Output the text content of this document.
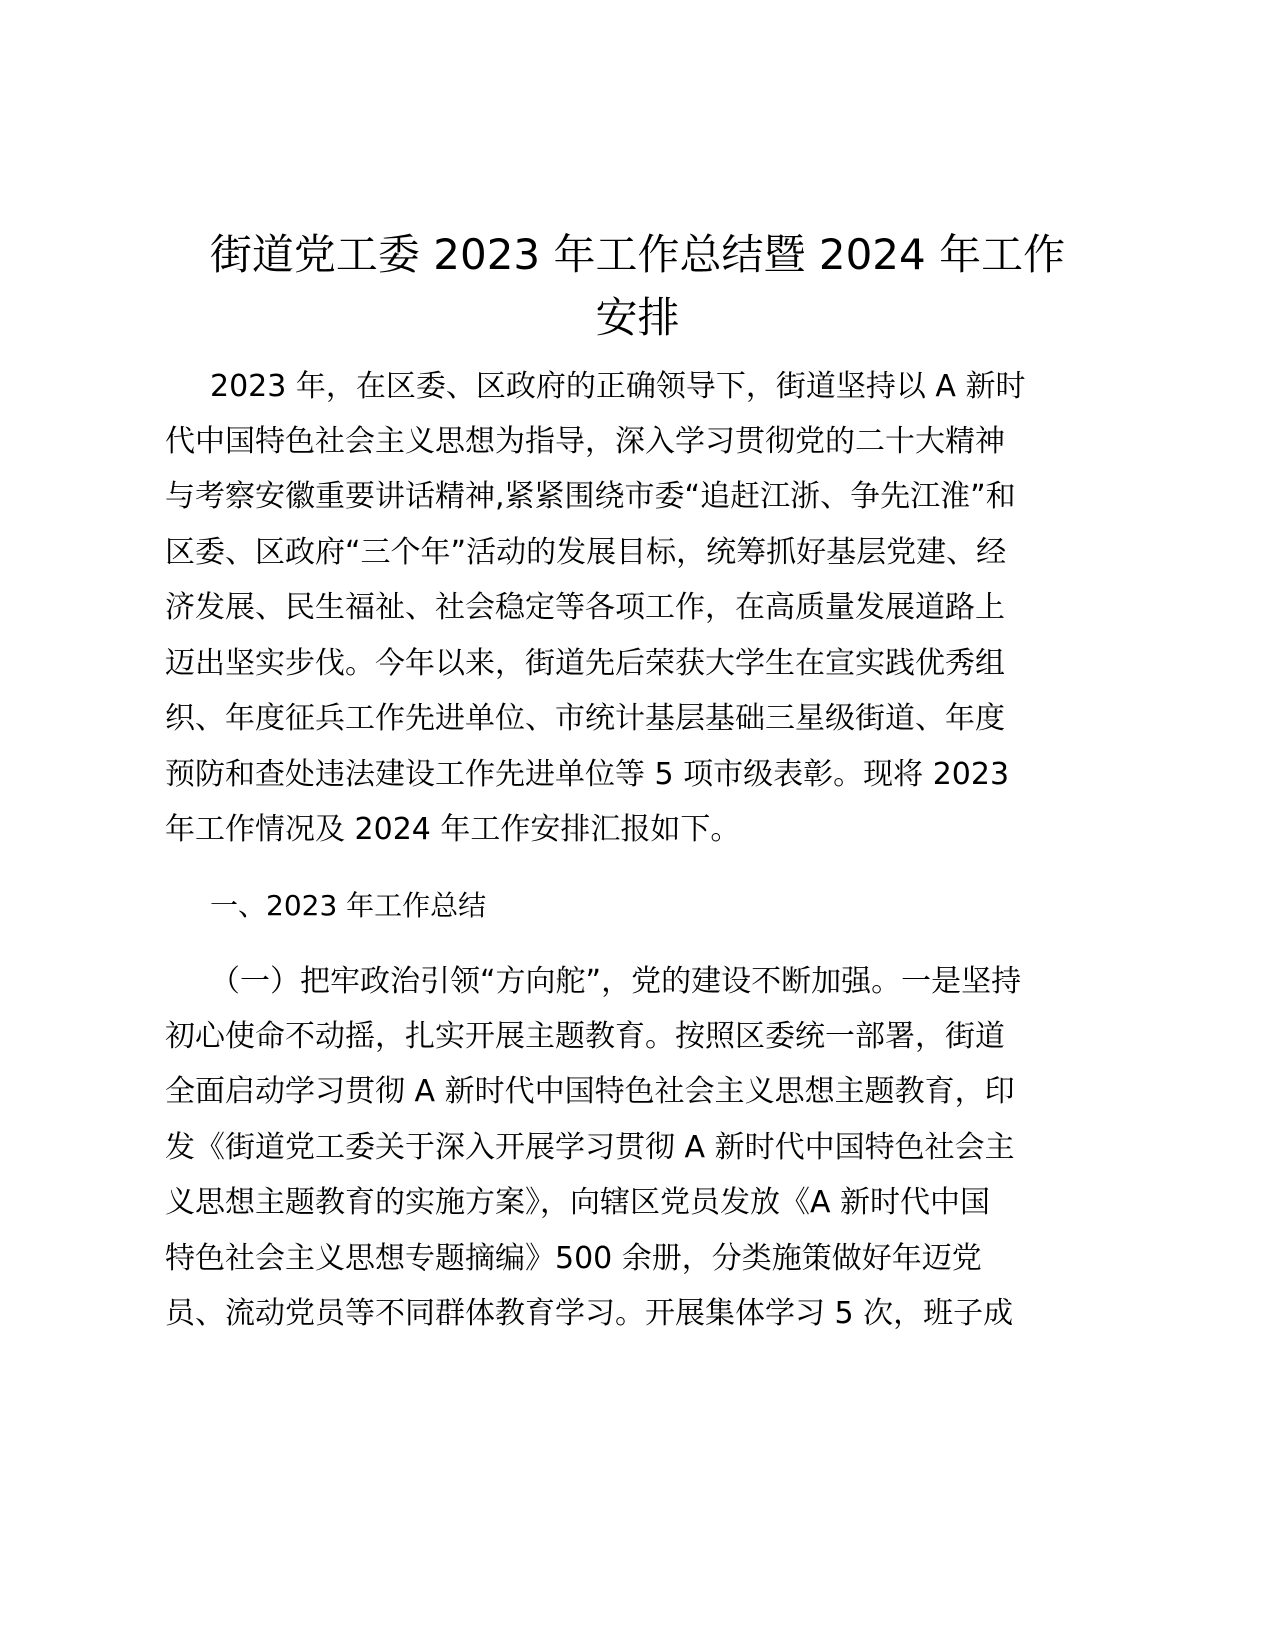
街道党工委 2023 年工作总结暨 2024 年工作
安排
2023 年，在区委、区政府的正确领导下，街道坚持以 A 新时
代中国特色社会主义思想为指导，深入学习贯彻党的二十大精神
与考察安徽重要讲话精神,紧紧围绕市委“追赶江浙、争先江淮”和
区委、区政府“三个年”活动的发展目标，统筹抓好基层党建、经
济发展、民生福祉、社会稳定等各项工作，在高质量发展道路上
迈出坚实步伐。今年以来，街道先后荣获大学生在宣实践优秀组
织、年度征兵工作先进单位、市统计基层基础三星级街道、年度
预防和查处违法建设工作先进单位等 5 项市级表彰。现将 2023
年工作情况及 2024 年工作安排汇报如下。
一、2023 年工作总结
（一）把牢政治引领“方向舵”，党的建设不断加强。一是坚持
初心使命不动摇，扎实开展主题教育。按照区委统一部署，街道
全面启动学习贯彻 A 新时代中国特色社会主义思想主题教育，印
发《街道党工委关于深入开展学习贯彻 A 新时代中国特色社会主
义思想主题教育的实施方案》，向辖区党员发放《A 新时代中国
特色社会主义思想专题摘编》500 余册，分类施策做好年迈党
员、流动党员等不同群体教育学习。开展集体学习 5 次，班子成
